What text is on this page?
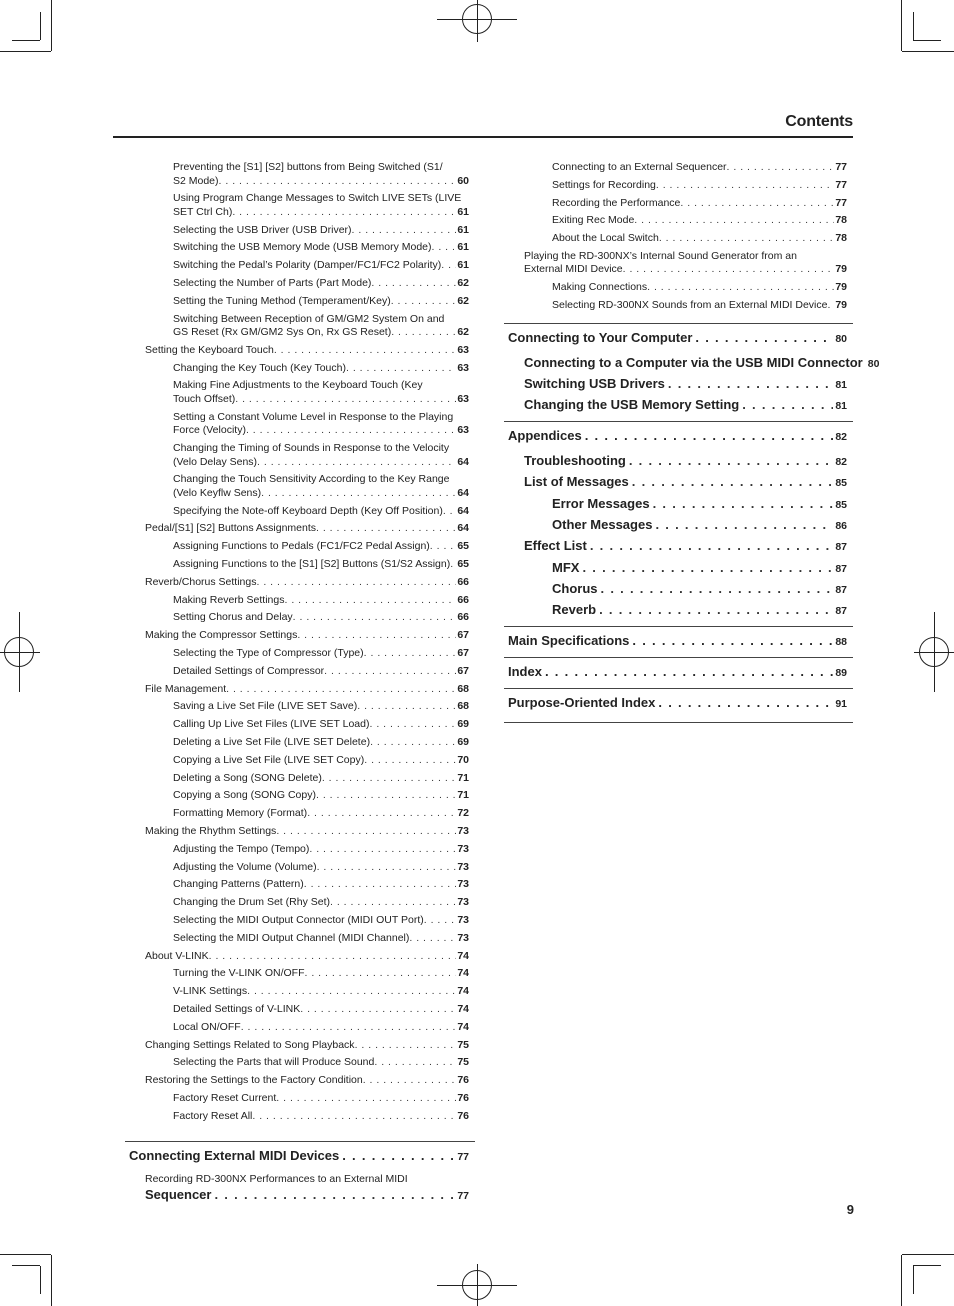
Contents
Preventing the [S1] [S2] buttons from Being Switched (S1/
S2 Mode) . . .	60
Using Program Change Messages to Switch LIVE SETs (LIVE
SET Ctrl Ch) . . .	61
Selecting the USB Driver (USB Driver) . . .	61
Switching the USB Memory Mode (USB Memory Mode) . . . 61
Switching the Pedal’s Polarity (Damper/FC1/FC2 Polarity) . . . 61
Selecting the Number of Parts (Part Mode) . . .	62
Setting the Tuning Method (Temperament/Key) . . .	62
Switching Between Reception of GM/GM2 System On and
GS Reset (Rx GM/GM2 Sys On, Rx GS Reset) . . .	62
Setting the Keyboard Touch . . .	63
Changing the Key Touch (Key Touch) . . .	63
Making Fine Adjustments to the Keyboard Touch (Key
Touch Offset) . . .	63
Setting a Constant Volume Level in Response to the Playing
Force (Velocity) . . .	63
Changing the Timing of Sounds in Response to the Velocity
(Velo Delay Sens) . . .	64
Changing the Touch Sensitivity According to the Key Range
(Velo Keyflw Sens) . . .	64
Specifying the Note-off Keyboard Depth (Key Off Position) . . . 64
Pedal/[S1] [S2] Buttons Assignments . . .	64
Assigning Functions to Pedals (FC1/FC2 Pedal Assign) . . .	65
Assigning Functions to the [S1] [S2] Buttons (S1/S2 Assign) . . . 65
Reverb/Chorus Settings . . .	66
Making Reverb Settings . . .	66
Setting Chorus and Delay . . .	66
Making the Compressor Settings . . .	67
Selecting the Type of Compressor (Type) . . .	67
Detailed Settings of Compressor . . .	67
File Management . . .	68
Saving a Live Set File (LIVE SET Save) . . .	68
Calling Up Live Set Files (LIVE SET Load) . . .	69
Deleting a Live Set File (LIVE SET Delete) . . .	69
Copying a Live Set File (LIVE SET Copy) . . .	70
Deleting a Song (SONG Delete) . . .	71
Copying a Song (SONG Copy) . . .	71
Formatting Memory (Format) . . .	72
Making the Rhythm Settings . . .	73
Adjusting the Tempo (Tempo) . . .	73
Adjusting the Volume (Volume) . . .	73
Changing Patterns (Pattern) . . .	73
Changing the Drum Set (Rhy Set) . . .	73
Selecting the MIDI Output Connector (MIDI OUT Port) . . .	73
Selecting the MIDI Output Channel (MIDI Channel) . . .	73
About V-LINK . . .	74
Turning the V-LINK ON/OFF . . .	74
V-LINK Settings . . .	74
Detailed Settings of V-LINK . . .	74
Local ON/OFF . . .	74
Changing Settings Related to Song Playback . . .	75
Selecting the Parts that will Produce Sound . . .	75
Restoring the Settings to the Factory Condition . . .	76
Factory Reset Current . . .	76
Factory Reset All . . .	76
Connecting External MIDI Devices . . .	77
Recording RD-300NX Performances to an External MIDI
Sequencer . . .	77
Connecting to an External Sequencer . . .	77
Settings for Recording . . .	77
Recording the Performance . . .	77
Exiting Rec Mode . . .	78
About the Local Switch . . .	78
Playing the RD-300NX’s Internal Sound Generator from an
External MIDI Device . . .	79
Making Connections . . .	79
Selecting RD-300NX Sounds from an External MIDI Device . . . 79
Connecting to Your Computer . . .	80
Connecting to a Computer via the USB MIDI Connector . . . 80
Switching USB Drivers . . .	81
Changing the USB Memory Setting . . .	81
Appendices . . .	82
Troubleshooting . . .	82
List of Messages . . .	85
Error Messages . . .	85
Other Messages . . .	86
Effect List . . .	87
MFX . . .	87
Chorus . . .	87
Reverb . . .	87
Main Specifications . . .	88
Index . . .	89
Purpose-Oriented Index . . .	91
9
